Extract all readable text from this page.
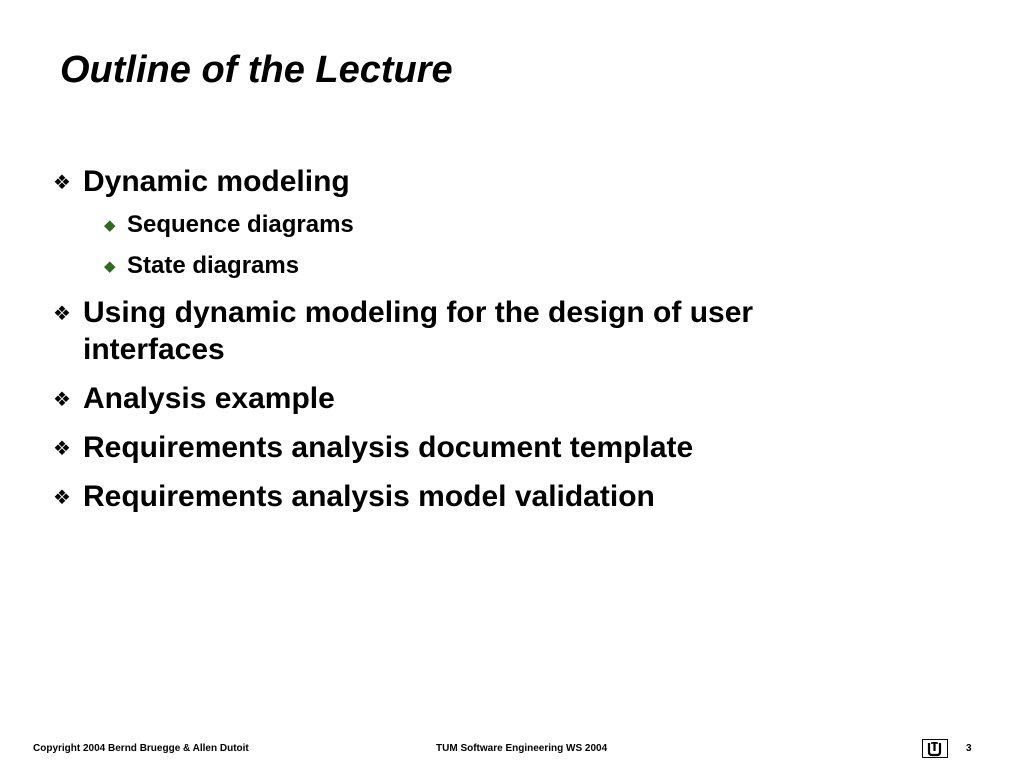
Outline of the Lecture
❖ Dynamic modeling
◆ Sequence diagrams
◆ State diagrams
❖ Using dynamic modeling for the design of user
interfaces
❖ Analysis example
❖ Requirements analysis document template
❖ Requirements analysis model validation
Copyright 2004 Bernd Bruegge & Allen Dutoit	TUM Software Engineering WS 2004	3
